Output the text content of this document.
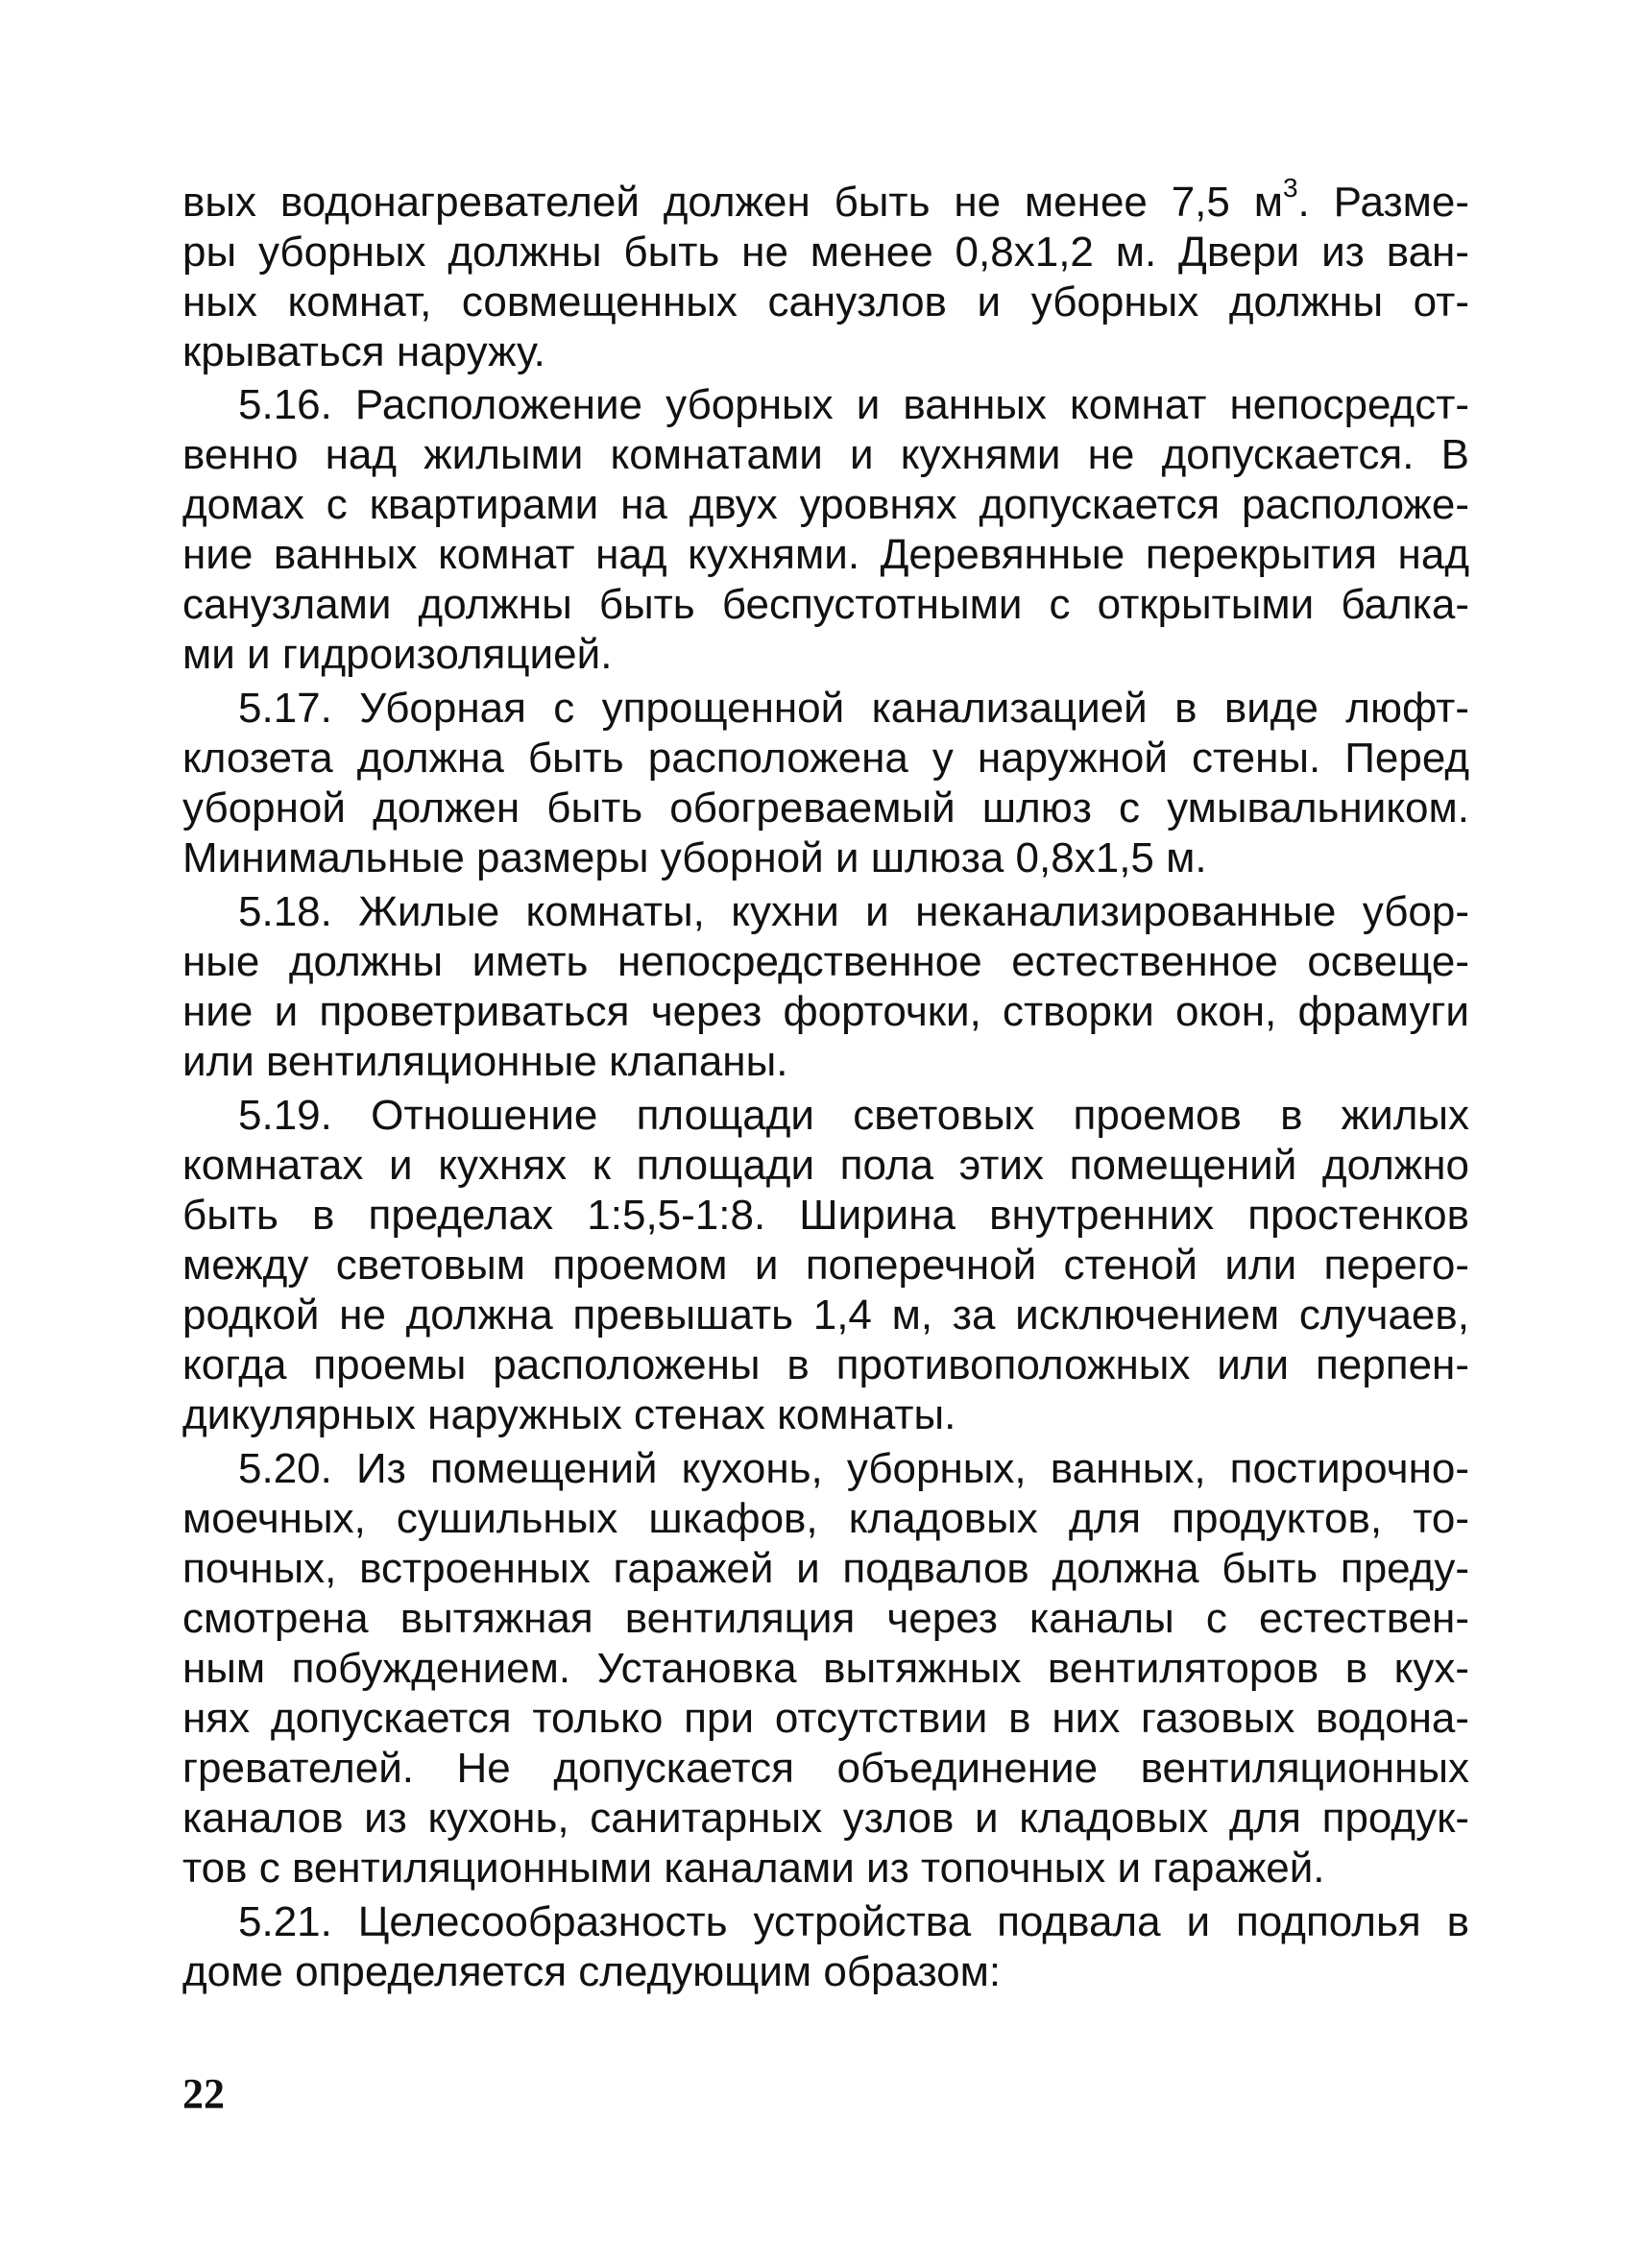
вых водонагревателей должен быть не менее 7,5 $м^3$. Разме-
ры уборных должны быть не менее 0,8х1,2 м. Двери из ван-
ных комнат, совмещенных санузлов и уборных должны от-
крываться наружу.
5.16. Расположение уборных и ванных комнат непосредст-
венно над жилыми комнатами и кухнями не допускается. В
домах с квартирами на двух уровнях допускается расположе-
ние ванных комнат над кухнями. Деревянные перекрытия над
санузлами должны быть беспустотными с открытыми балка-
ми и гидроизоляцией.
5.17. Уборная с упрощенной канализацией в виде люфт-
клозета должна быть расположена у наружной стены. Перед
уборной должен быть обогреваемый шлюз с умывальником.
Минимальные размеры уборной и шлюза 0,8х1,5 м.
5.18. Жилые комнаты, кухни и неканализированные убор-
ные должны иметь непосредственное естественное освеще-
ние и проветриваться через форточки, створки окон, фрамуги
или вентиляционные клапаны.
5.19. Отношение площади световых проемов в жилых
комнатах и кухнях к площади пола этих помещений должно
быть в пределах 1:5,5-1:8. Ширина внутренних простенков
между световым проемом и поперечной стеной или перего-
родкой не должна превышать 1,4 м, за исключением случаев,
когда проемы расположены в противоположных или перпен-
дикулярных наружных стенах комнаты.
5.20. Из помещений кухонь, уборных, ванных, постирочно-
моечных, сушильных шкафов, кладовых для продуктов, то-
почных, встроенных гаражей и подвалов должна быть преду-
смотрена вытяжная вентиляция через каналы с естествен-
ным побуждением. Установка вытяжных вентиляторов в кух-
нях допускается только при отсутствии в них газовых водона-
гревателей. Не допускается объединение вентиляционных
каналов из кухонь, санитарных узлов и кладовых для продук-
тов с вентиляционными каналами из топочных и гаражей.
5.21. Целесообразность устройства подвала и подполья в
доме определяется следующим образом:
22
